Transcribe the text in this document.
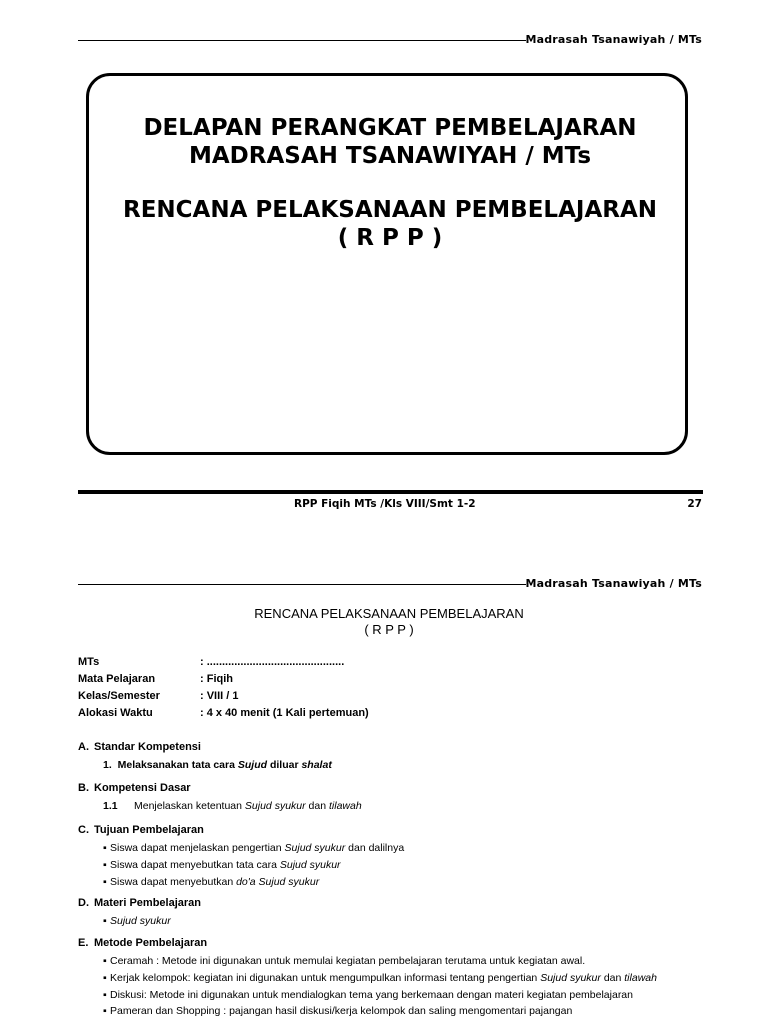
Madrasah Tsanawiyah / MTs
DELAPAN PERANGKAT PEMBELAJARAN
MADRASAH TSANAWIYAH / MTs
RENCANA PELAKSANAAN PEMBELAJARAN
( R P P )
RPP Fiqih MTs /Kls VIII/Smt 1-2	27
Madrasah Tsanawiyah / MTs
RENCANA PELAKSANAAN PEMBELAJARAN
( R P P )
MTs	: .............................................
Mata Pelajaran	: Fiqih
Kelas/Semester	: VIII / 1
Alokasi Waktu	: 4 x 40 menit (1 Kali pertemuan)
A. Standar Kompetensi
1. Melaksanakan tata cara Sujud diluar shalat
B. Kompetensi Dasar
1.1 Menjelaskan ketentuan Sujud syukur dan tilawah
C. Tujuan Pembelajaran
▪ Siswa dapat menjelaskan pengertian Sujud syukur dan dalilnya
▪ Siswa dapat menyebutkan tata cara Sujud syukur
▪ Siswa dapat menyebutkan do'a Sujud syukur
D. Materi Pembelajaran
▪ Sujud syukur
E. Metode Pembelajaran
▪ Ceramah : Metode ini digunakan untuk memulai kegiatan pembelajaran terutama untuk kegiatan awal.
▪ Kerjak kelompok: kegiatan ini digunakan untuk mengumpulkan informasi tentang pengertian Sujud syukur dan tilawah
▪ Diskusi: Metode ini digunakan untuk mendialogkan tema yang berkemaan dengan materi kegiatan pembelajaran
▪ Pameran dan Shopping : pajangan hasil diskusi/kerja kelompok dan saling mengomentari pajangan
